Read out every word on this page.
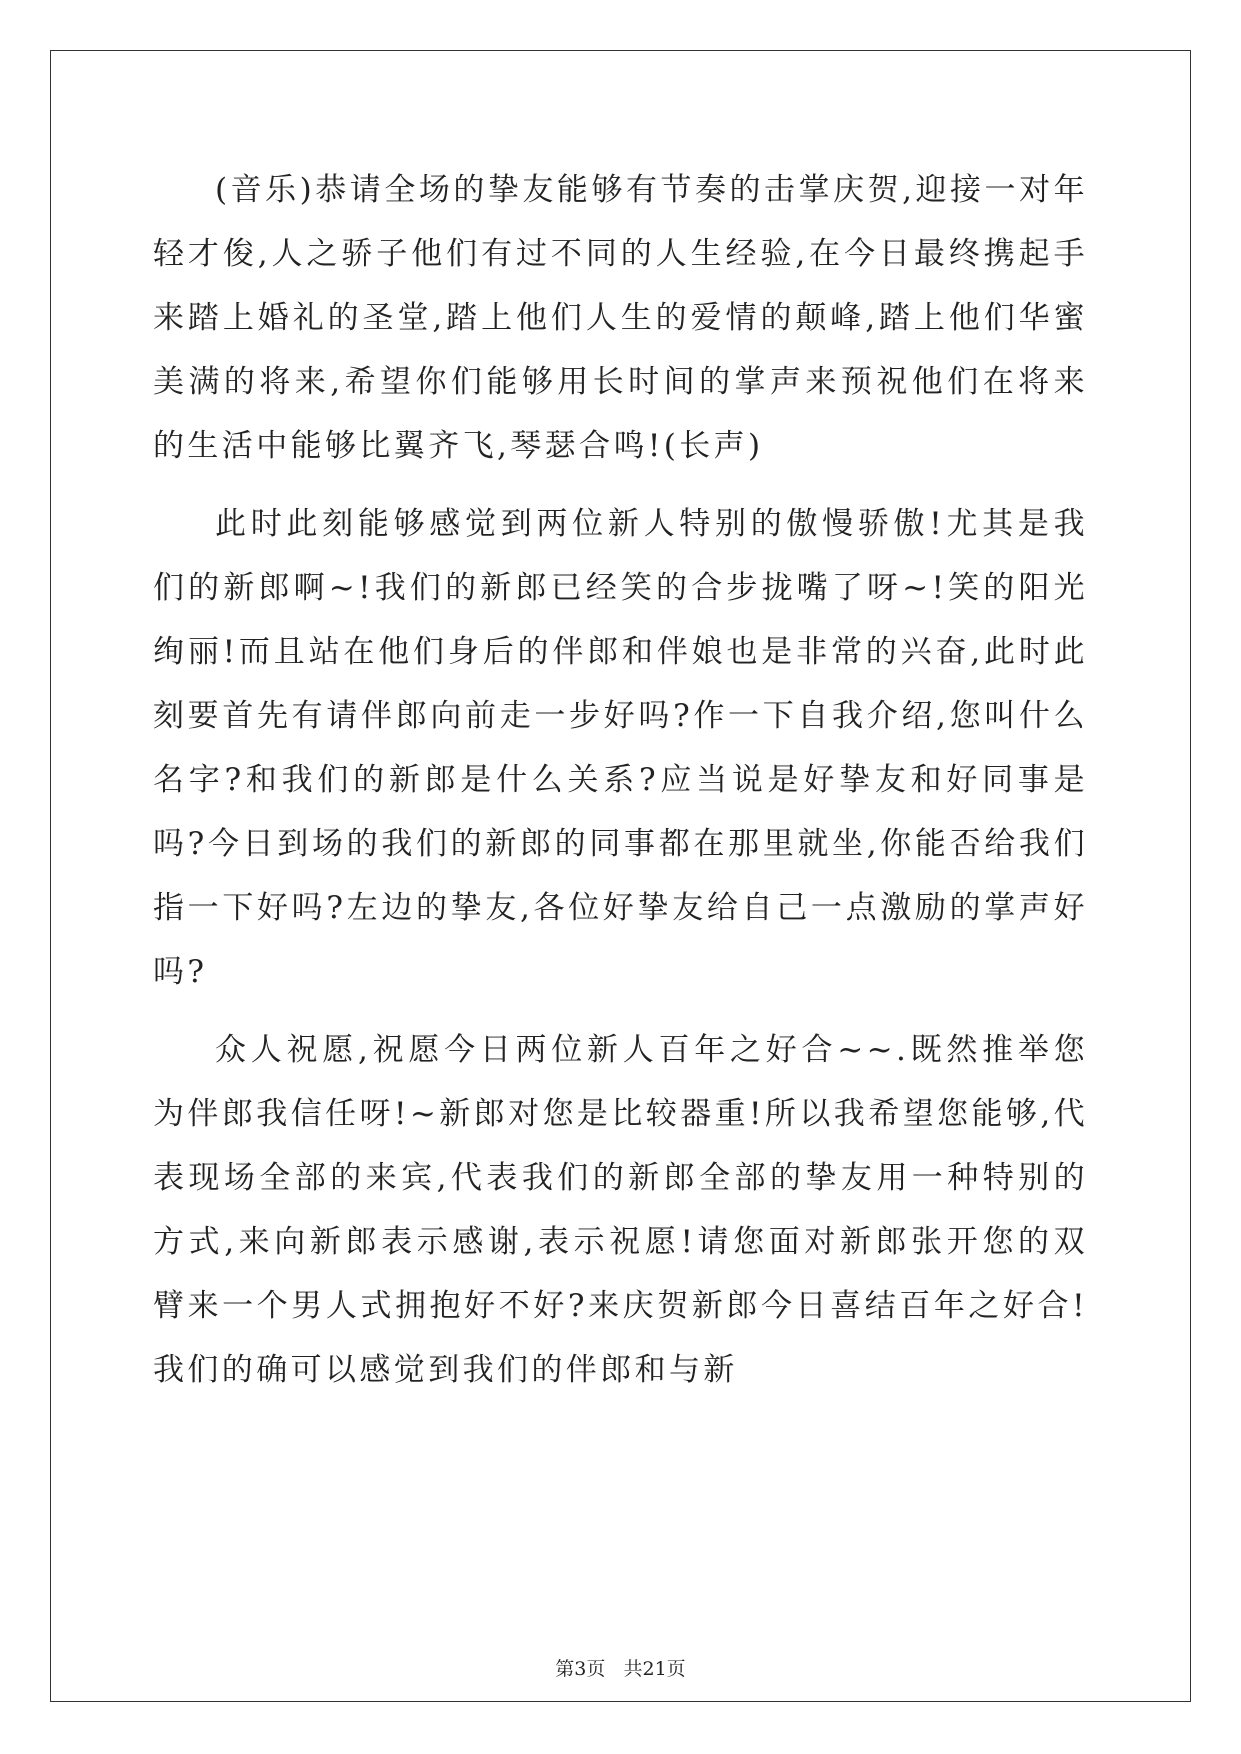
(音乐)恭请全场的挚友能够有节奏的击掌庆贺,迎接一对年轻才俊,人之骄子他们有过不同的人生经验,在今日最终携起手来踏上婚礼的圣堂,踏上他们人生的爱情的颠峰,踏上他们华蜜美满的将来,希望你们能够用长时间的掌声来预祝他们在将来的生活中能够比翼齐飞,琴瑟合鸣!(长声)

此时此刻能够感觉到两位新人特别的傲慢骄傲!尤其是我们的新郎啊~!我们的新郎已经笑的合步拢嘴了呀~!笑的阳光绚丽!而且站在他们身后的伴郎和伴娘也是非常的兴奋,此时此刻要首先有请伴郎向前走一步好吗?作一下自我介绍,您叫什么名字?和我们的新郎是什么关系?应当说是好挚友和好同事是吗?今日到场的我们的新郎的同事都在那里就坐,你能否给我们指一下好吗?左边的挚友,各位好挚友给自己一点激励的掌声好吗?

众人祝愿,祝愿今日两位新人百年之好合~~.既然推举您为伴郎我信任呀!~新郎对您是比较器重!所以我希望您能够,代表现场全部的来宾,代表我们的新郎全部的挚友用一种特别的方式,来向新郎表示感谢,表示祝愿!请您面对新郎张开您的双臂来一个男人式拥抱好不好?来庆贺新郎今日喜结百年之好合!我们的确可以感觉到我们的伴郎和与新

第3页   共21页
